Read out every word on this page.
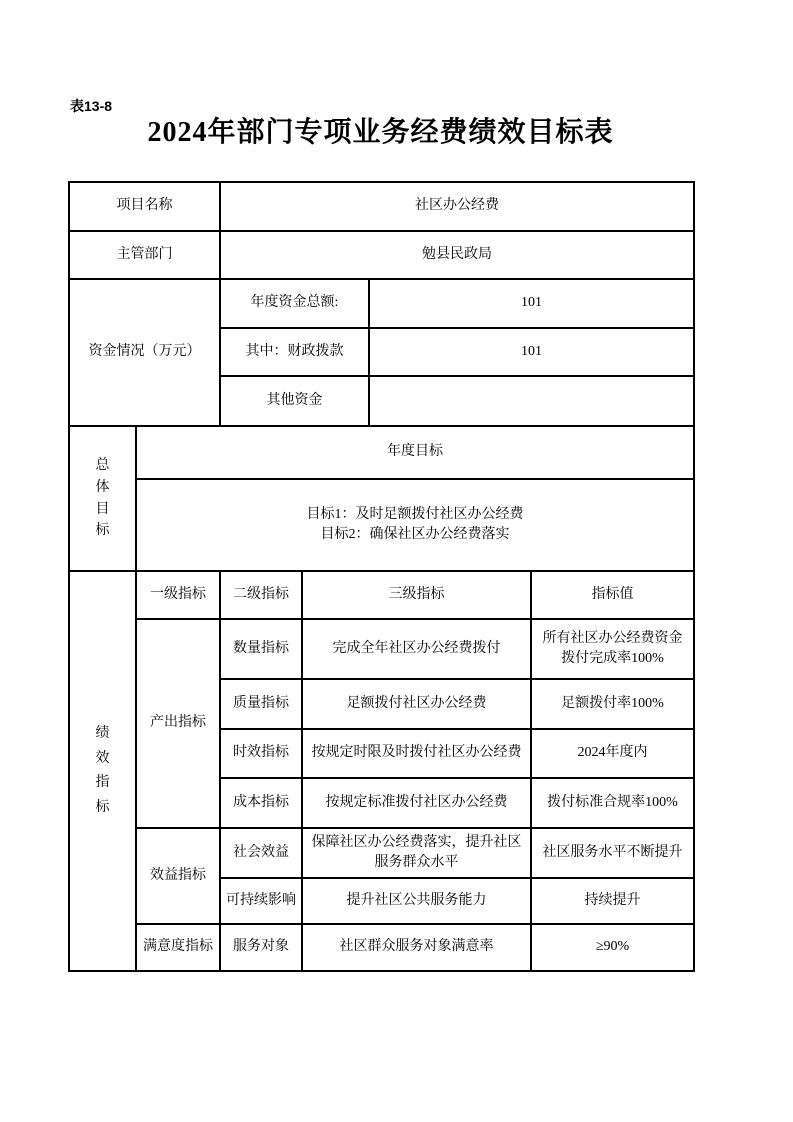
表13-8
2024年部门专项业务经费绩效目标表
项目名称		社区办公经费			
主管部门		勉县民政局			
资金情况（万元）		年度资金总额:		101	
		其中：财政拨款		101	
		其他资金			

总体目标	年度目标				

	目标1：及时足额拨付社区办公经费
目标2：确保社区办公经费落实				

绩效指标	一级指标	二级指标	三级指标		指标值
	产出指标	数量指标	完成全年社区办公经费拨付		所有社区办公经费资金拨付完成率100%
		质量指标	足额拨付社区办公经费		足额拨付率100%
		时效指标	按规定时限及时拨付社区办公经费		2024年度内
		成本指标	按规定标准拨付社区办公经费		拨付标准合规率100%
	效益指标	社会效益	保障社区办公经费落实，提升社区服务群众水平		社区服务水平不断提升
		可持续影响	提升社区公共服务能力		持续提升
	满意度指标	服务对象	社区群众服务对象满意率		≥90%
